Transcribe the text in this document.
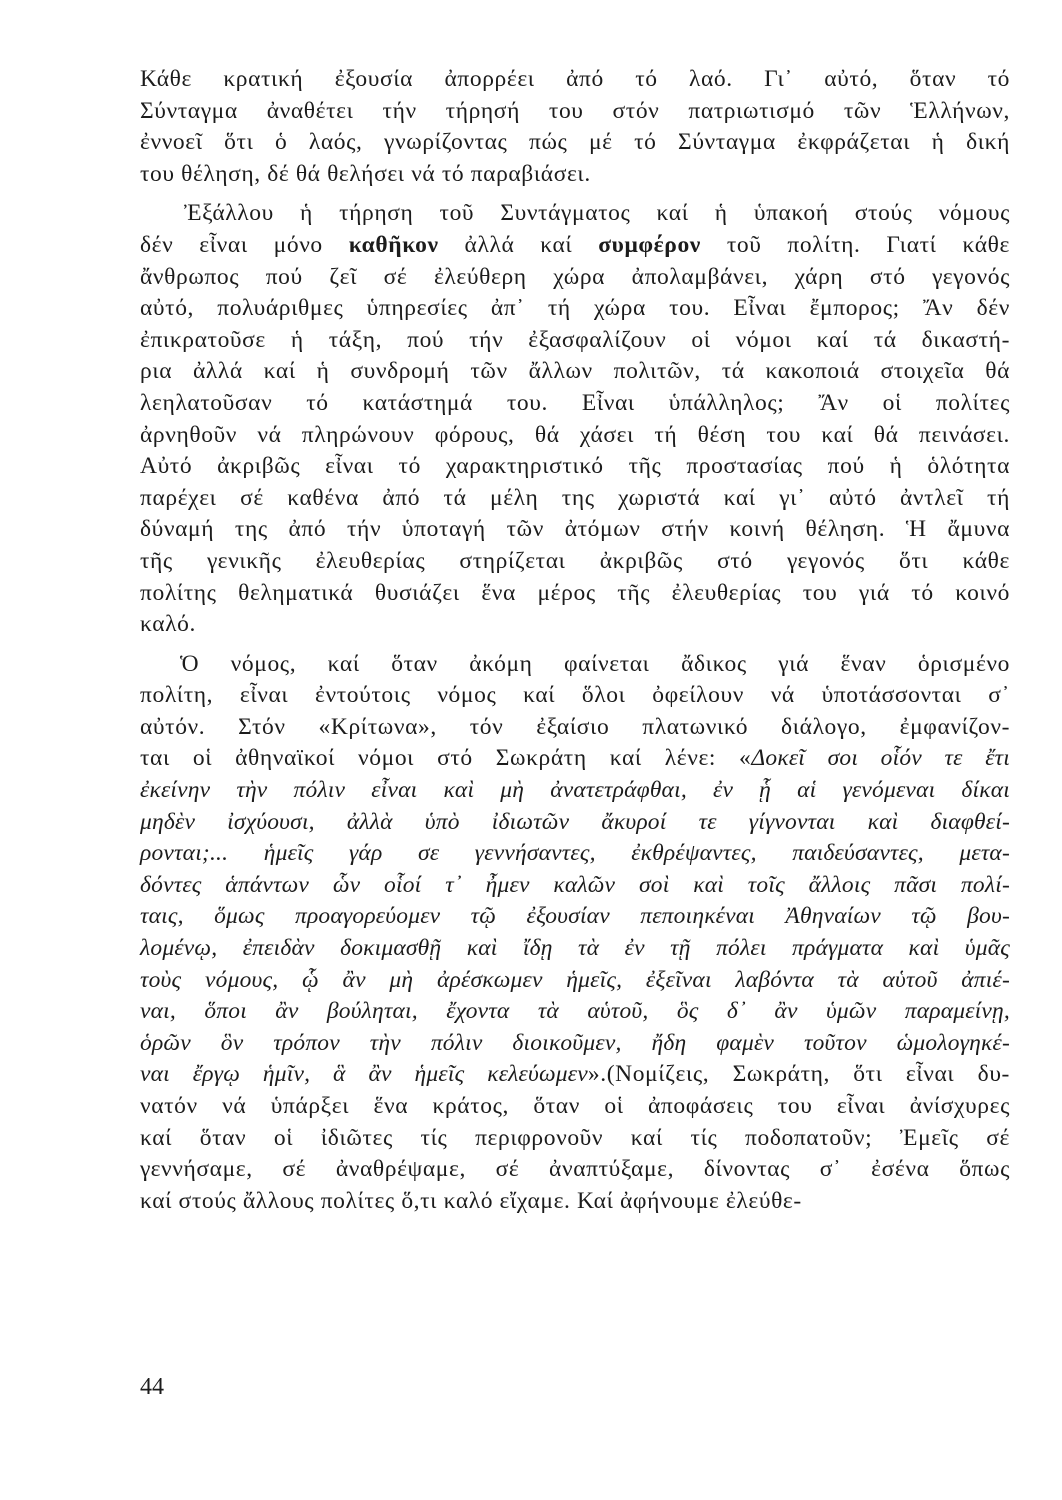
Κάθε κρατική ἐξουσία ἀπορρέει ἀπό τό λαό. Γι᾽ αὐτό, ὅταν τό
Σύνταγμα ἀναθέτει τήν τήρησή του στόν πατριωτισμό τῶν Ἑλλήνων,
ἐννοεῖ ὅτι ὁ λαός, γνωρίζοντας πώς μέ τό Σύνταγμα ἐκφράζεται ἡ δική
του θέληση, δέ θά θελήσει νά τό παραβιάσει.
Ἐξάλλου ἡ τήρηση τοῦ Συντάγματος καί ἡ ὑπακοή στούς νόμους
δέν εἶναι μόνο καθῆκον ἀλλά καί συμφέρον τοῦ πολίτη. Γιατί κάθε
ἄνθρωπος πού ζεῖ σέ ἐλεύθερη χώρα ἀπολαμβάνει, χάρη στό γεγονός
αὐτό, πολυάριθμες ὑπηρεσίες ἀπ᾽ τή χώρα του. Εἶναι ἔμπορος; Ἄν δέν
ἐπικρατοῦσε ἡ τάξη, πού τήν ἐξασφαλίζουν οἱ νόμοι καί τά δικαστή-
ρια ἀλλά καί ἡ συνδρομή τῶν ἄλλων πολιτῶν, τά κακοποιά στοιχεῖα θά
λεηλατοῦσαν τό κατάστημά του. Εἶναι ὑπάλληλος; Ἄν οἱ πολίτες
ἀρνηθοῦν νά πληρώνουν φόρους, θά χάσει τή θέση του καί θά πεινάσει.
Αὐτό ἀκριβῶς εἶναι τό χαρακτηριστικό τῆς προστασίας πού ἡ ὁλότητα
παρέχει σέ καθένα ἀπό τά μέλη της χωριστά καί γι᾽ αὐτό ἀντλεῖ τή
δύναμή της ἀπό τήν ὑποταγή τῶν ἀτόμων στήν κοινή θέληση. Ἡ ἄμυνα
τῆς γενικῆς ἐλευθερίας στηρίζεται ἀκριβῶς στό γεγονός ὅτι κάθε
πολίτης θεληματικά θυσιάζει ἕνα μέρος τῆς ἐλευθερίας του γιά τό κοινό
καλό.
Ὁ νόμος, καί ὅταν ἀκόμη φαίνεται ἄδικος γιά ἕναν ὁρισμένο
πολίτη, εἶναι ἐντούτοις νόμος καί ὅλοι ὀφείλουν νά ὑποτάσσονται σ᾽
αὐτόν. Στόν «Κρίτωνα», τόν ἐξαίσιο πλατωνικό διάλογο, ἐμφανίζον-
ται οἱ ἀθηναϊκοί νόμοι στό Σωκράτη καί λένε: «Δοκεῖ σοι οἷόν τε ἔτι
ἐκείνην τὴν πόλιν εἶναι καὶ μὴ ἀνατετράφθαι, ἐν ᾗ αἱ γενόμεναι δίκαι
μηδὲν ἰσχύουσι, ἀλλὰ ὑπὸ ἰδιωτῶν ἄκυροί τε γίγνονται καὶ διαφθεί-
ρονται;... ἡμεῖς γάρ σε γεννήσαντες, ἐκθρέψαντες, παιδεύσαντες, μετα-
δόντες ἁπάντων ὧν οἷοί τ᾽ ἦμεν καλῶν σοὶ καὶ τοῖς ἄλλοις πᾶσι πολί-
ταις, ὅμως προαγορεύομεν τῷ ἐξουσίαν πεποιηκέναι Ἀθηναίων τῷ βου-
λομένῳ, ἐπειδὰν δοκιμασθῇ καὶ ἴδῃ τὰ ἐν τῇ πόλει πράγματα καὶ ὑμᾶς
τοὺς νόμους, ᾧ ἂν μὴ ἀρέσκωμεν ἡμεῖς, ἐξεῖναι λαβόντα τὰ αὑτοῦ ἀπιέ-
ναι, ὅποι ἂν βούληται, ἔχοντα τὰ αὑτοῦ, ὃς δ᾽ ἂν ὑμῶν παραμείνῃ,
ὁρῶν ὃν τρόπον τὴν πόλιν διοικοῦμεν, ἤδη φαμὲν τοῦτον ὡμολογηκέ-
ναι ἔργῳ ἡμῖν, ἃ ἂν ἡμεῖς κελεύωμεν».(Νομίζεις, Σωκράτη, ὅτι εἶναι δυ-
νατόν νά ὑπάρξει ἕνα κράτος, ὅταν οἱ ἀποφάσεις του εἶναι ἀνίσχυρες
καί ὅταν οἱ ἰδιῶτες τίς περιφρονοῦν καί τίς ποδοπατοῦν; Ἐμεῖς σέ
γεννήσαμε, σέ ἀναθρέψαμε, σέ ἀναπτύξαμε, δίνοντας σ᾽ ἐσένα ὅπως
καί στούς ἄλλους πολίτες ὅ,τι καλό εἴχαμε. Καί ἀφήνουμε ἐλεύθε-
44
